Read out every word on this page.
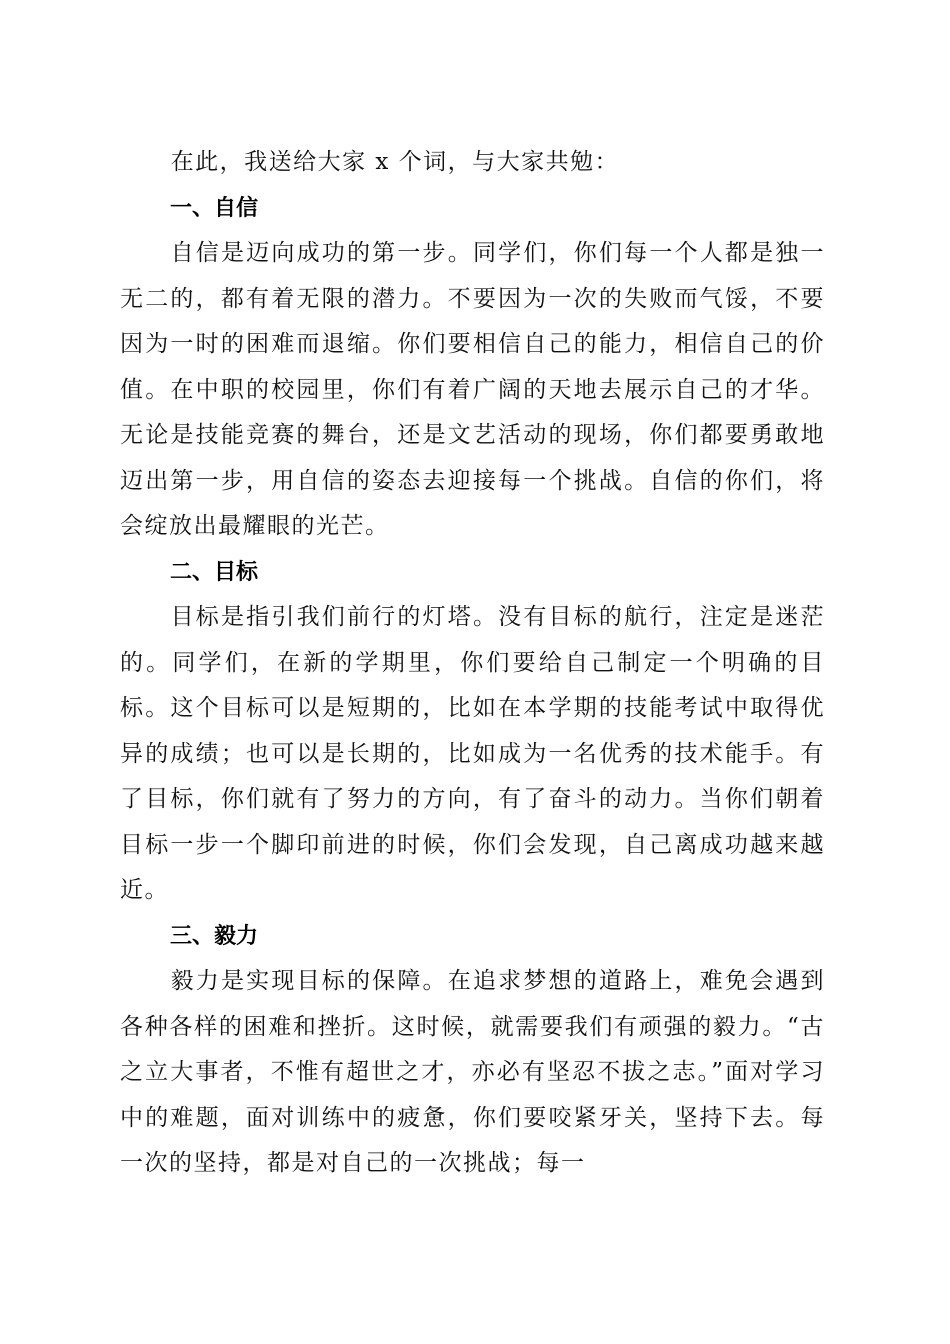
在此，我送给大家 x 个词，与大家共勉：

一、自信

自信是迈向成功的第一步。同学们，你们每一个人都是独一无二的，都有着无限的潜力。不要因为一次的失败而气馁，不要因为一时的困难而退缩。你们要相信自己的能力，相信自己的价值。在中职的校园里，你们有着广阔的天地去展示自己的才华。无论是技能竞赛的舞台，还是文艺活动的现场，你们都要勇敢地迈出第一步，用自信的姿态去迎接每一个挑战。自信的你们，将会绽放出最耀眼的光芒。

二、目标

目标是指引我们前行的灯塔。没有目标的航行，注定是迷茫的。同学们，在新的学期里，你们要给自己制定一个明确的目标。这个目标可以是短期的，比如在本学期的技能考试中取得优异的成绩；也可以是长期的，比如成为一名优秀的技术能手。有了目标，你们就有了努力的方向，有了奋斗的动力。当你们朝着目标一步一个脚印前进的时候，你们会发现，自己离成功越来越近。

三、毅力

毅力是实现目标的保障。在追求梦想的道路上，难免会遇到各种各样的困难和挫折。这时候，就需要我们有顽强的毅力。“古之立大事者，不惟有超世之才，亦必有坚忍不拔之志。”面对学习中的难题，面对训练中的疲惫，你们要咬紧牙关，坚持下去。每一次的坚持，都是对自己的一次挑战；每一
